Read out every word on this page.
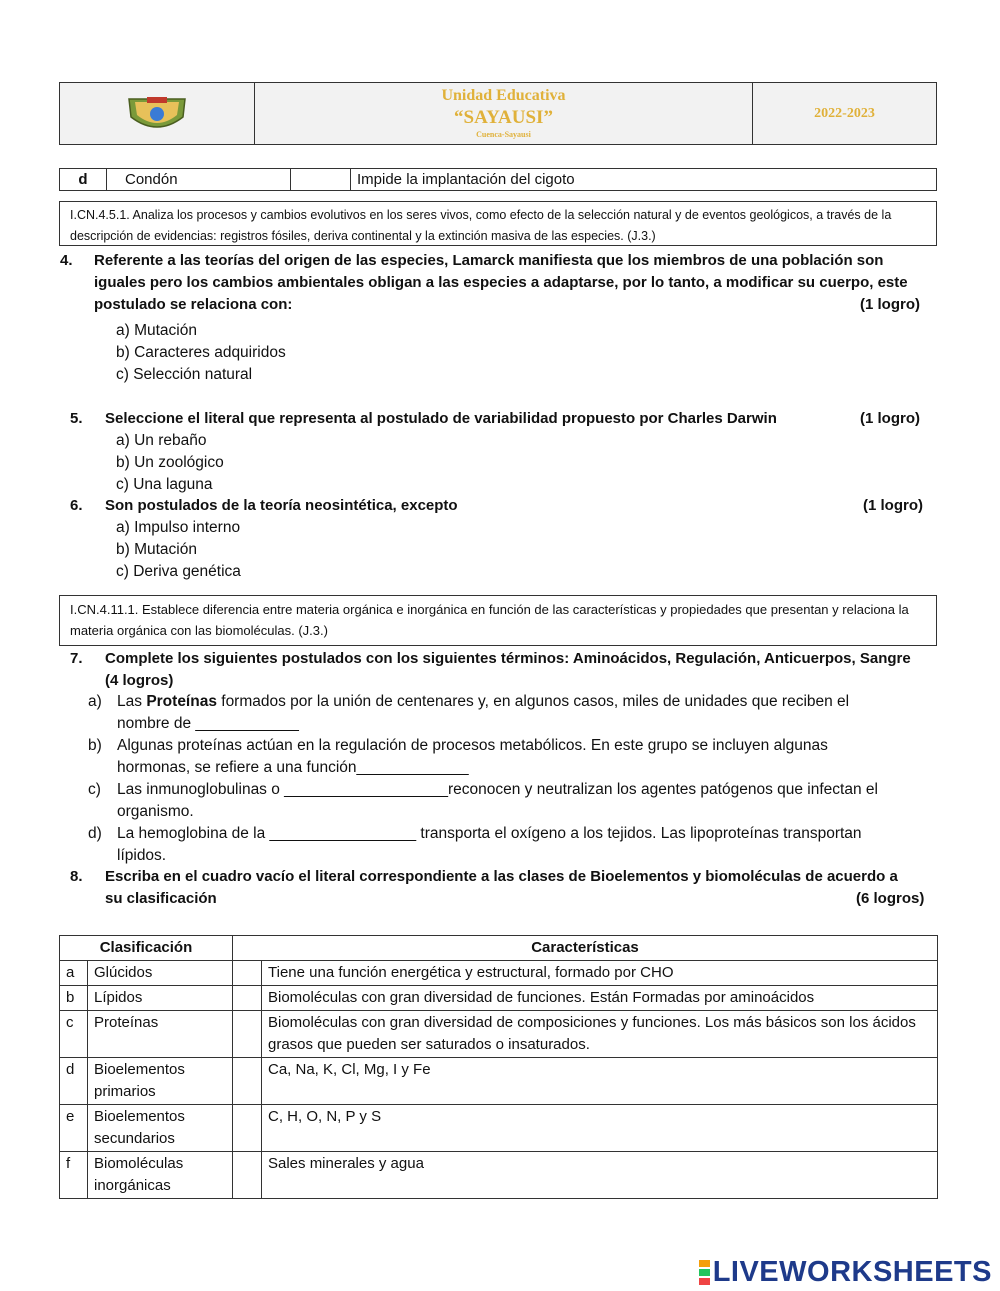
Unidad Educativa
“SAYAUSI”
Cuenca-Sayausi
2022-2023
d	Condón	Impide la implantación del cigoto
I.CN.4.5.1. Analiza los procesos y cambios evolutivos en los seres vivos, como efecto de la selección natural y de eventos geológicos, a través de la descripción de evidencias: registros fósiles, deriva continental y la extinción masiva de las especies. (J.3.)
4. Referente a las teorías del origen de las especies, Lamarck manifiesta que los miembros de una población son
iguales pero los cambios ambientales obligan a las especies a adaptarse, por lo tanto, a modificar su cuerpo, este
postulado se relaciona con:	(1 logro)
a) Mutación
b) Caracteres adquiridos
c) Selección natural
5. Seleccione el literal que representa al postulado de variabilidad propuesto por Charles Darwin	(1 logro)
a) Un rebaño
b) Un zoológico
c) Una laguna
6. Son postulados de la teoría neosintética, excepto	(1 logro)
a) Impulso interno
b) Mutación
c) Deriva genética
I.CN.4.11.1. Establece diferencia entre materia orgánica e inorgánica en función de las características y propiedades que presentan y relaciona la materia orgánica con las biomoléculas. (J.3.)
7. Complete los siguientes postulados con los siguientes términos: Aminoácidos, Regulación, Anticuerpos, Sangre
(4 logros)
a) Las Proteínas formados por la unión de centenares y, en algunos casos, miles de unidades que reciben el
nombre de ____________
b) Algunas proteínas actúan en la regulación de procesos metabólicos. En este grupo se incluyen algunas
hormonas, se refiere a una función_____________
c) Las inmunoglobulinas o ___________________reconocen y neutralizan los agentes patógenos que infectan el
organismo.
d) La hemoglobina de la _________________ transporta el oxígeno a los tejidos. Las lipoproteínas transportan
lípidos.
8. Escriba en el cuadro vacío el literal correspondiente a las clases de Bioelementos y biomoléculas de acuerdo a
su clasificación	(6 logros)
Clasificación		Características	
a	Glúcidos		Tiene una función energética y estructural, formado por CHO
b	Lípidos		Biomoléculas con gran diversidad de funciones. Están Formadas por aminoácidos
c	Proteínas		Biomoléculas con gran diversidad de composiciones y funciones. Los más básicos son los ácidos grasos que pueden ser saturados o insaturados.
d	Bioelementos primarios		Ca, Na, K, Cl, Mg, I y Fe
e	Bioelementos secundarios		C, H, O, N, P y S
f	Biomoléculas inorgánicas		Sales minerales y agua
LIVEWORKSHEETS
